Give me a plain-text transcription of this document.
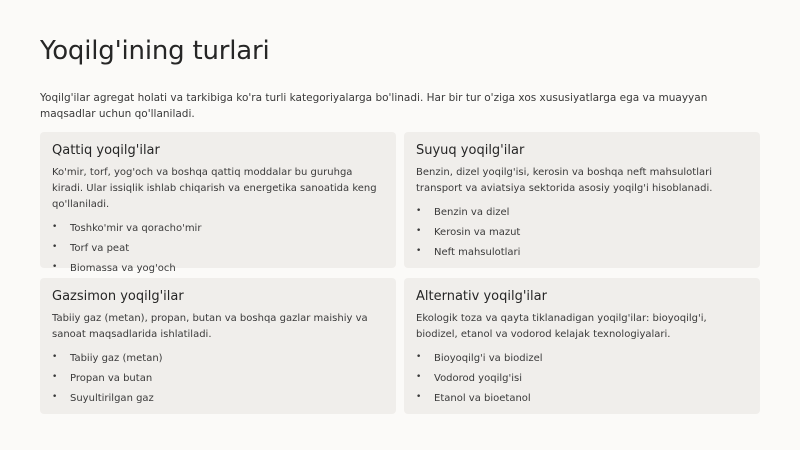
Yoqilg'ining turlari

Yoqilg'ilar agregat holati va tarkibiga ko'ra turli kategoriyalarga bo'linadi. Har bir tur o'ziga xos xususiyatlarga ega va muayyan maqsadlar uchun qo'llaniladi.

Qattiq yoqilg'ilar

Ko'mir, torf, yog'och va boshqa qattiq moddalar bu guruhga kiradi. Ular issiqlik ishlab chiqarish va energetika sanoatida keng qo'llaniladi.

• Toshko'mir va qoracho'mir
• Torf va peat
• Biomassa va yog'och
Suyuq yoqilg'ilar

Benzin, dizel yoqilg'isi, kerosin va boshqa neft mahsulotlari transport va aviatsiya sektorida asosiy yoqilg'i hisoblanadi.

• Benzin va dizel
• Kerosin va mazut
• Neft mahsulotlari
Gazsimon yoqilg'ilar

Tabiiy gaz (metan), propan, butan va boshqa gazlar maishiy va sanoat maqsadlarida ishlatiladi.

• Tabiiy gaz (metan)
• Propan va butan
• Suyultirilgan gaz
Alternativ yoqilg'ilar

Ekologik toza va qayta tiklanadigan yoqilg'ilar: bioyoqilg'i, biodizel, etanol va vodorod kelajak texnologiyalari.

• Bioyoqilg'i va biodizel
• Vodorod yoqilg'isi
• Etanol va bioetanol
